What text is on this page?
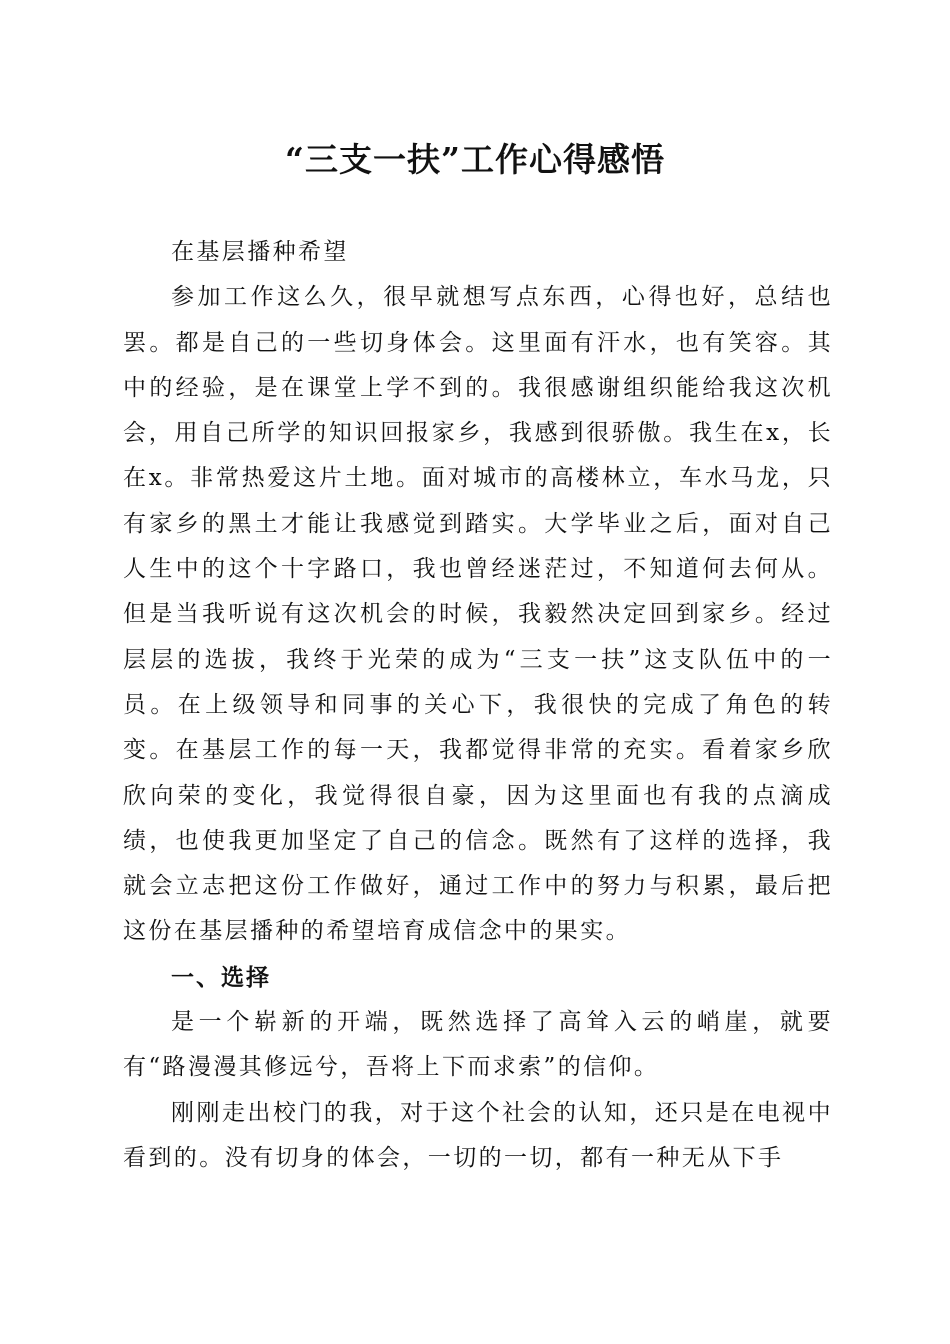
“三支一扶”工作心得感悟

在基层播种希望

参加工作这么久，很早就想写点东西，心得也好，总结也罢。都是自己的一些切身体会。这里面有汗水，也有笑容。其中的经验，是在课堂上学不到的。我很感谢组织能给我这次机会，用自己所学的知识回报家乡，我感到很骄傲。我生在x，长在x。非常热爱这片土地。面对城市的高楼林立，车水马龙，只有家乡的黑土才能让我感觉到踏实。大学毕业之后，面对自己人生中的这个十字路口，我也曾经迷茫过，不知道何去何从。但是当我听说有这次机会的时候，我毅然决定回到家乡。经过层层的选拔，我终于光荣的成为“三支一扶”这支队伍中的一员。在上级领导和同事的关心下，我很快的完成了角色的转变。在基层工作的每一天，我都觉得非常的充实。看着家乡欣欣向荣的变化，我觉得很自豪，因为这里面也有我的点滴成绩，也使我更加坚定了自己的信念。既然有了这样的选择，我就会立志把这份工作做好，通过工作中的努力与积累，最后把这份在基层播种的希望培育成信念中的果实。

一、选择

是一个崭新的开端，既然选择了高耸入云的峭崖，就要有“路漫漫其修远兮，吾将上下而求索”的信仰。

刚刚走出校门的我，对于这个社会的认知，还只是在电视中看到的。没有切身的体会，一切的一切，都有一种无从下手
